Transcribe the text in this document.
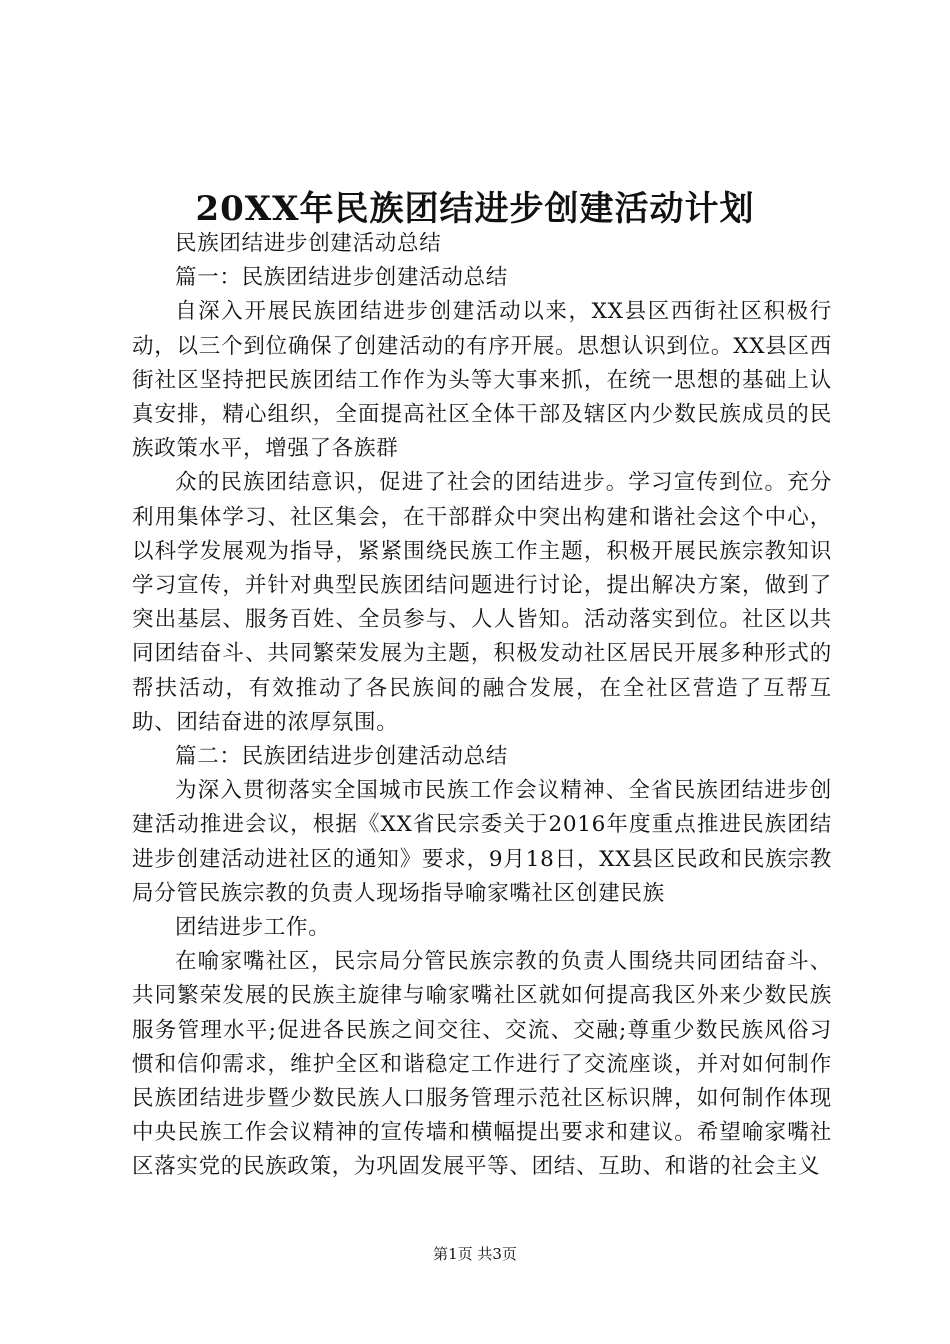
20XX年民族团结进步创建活动计划

民族团结进步创建活动总结

篇一：民族团结进步创建活动总结

自深入开展民族团结进步创建活动以来，XX县区西街社区积极行动，以三个到位确保了创建活动的有序开展。思想认识到位。XX县区西街社区坚持把民族团结工作作为头等大事来抓，在统一思想的基础上认真安排，精心组织，全面提高社区全体干部及辖区内少数民族成员的民族政策水平，增强了各族群

众的民族团结意识，促进了社会的团结进步。学习宣传到位。充分利用集体学习、社区集会，在干部群众中突出构建和谐社会这个中心，以科学发展观为指导，紧紧围绕民族工作主题，积极开展民族宗教知识学习宣传，并针对典型民族团结问题进行讨论，提出解决方案，做到了突出基层、服务百姓、全员参与、人人皆知。活动落实到位。社区以共同团结奋斗、共同繁荣发展为主题，积极发动社区居民开展多种形式的帮扶活动，有效推动了各民族间的融合发展，在全社区营造了互帮互助、团结奋进的浓厚氛围。

篇二：民族团结进步创建活动总结

为深入贯彻落实全国城市民族工作会议精神、全省民族团结进步创建活动推进会议，根据《XX省民宗委关于2016年度重点推进民族团结进步创建活动进社区的通知》要求，9月18日，XX县区民政和民族宗教局分管民族宗教的负责人现场指导喻家嘴社区创建民族

团结进步工作。

在喻家嘴社区，民宗局分管民族宗教的负责人围绕共同团结奋斗、共同繁荣发展的民族主旋律与喻家嘴社区就如何提高我区外来少数民族服务管理水平;促进各民族之间交往、交流、交融;尊重少数民族风俗习惯和信仰需求，维护全区和谐稳定工作进行了交流座谈，并对如何制作民族团结进步暨少数民族人口服务管理示范社区标识牌，如何制作体现中央民族工作会议精神的宣传墙和横幅提出要求和建议。希望喻家嘴社区落实党的民族政策，为巩固发展平等、团结、互助、和谐的社会主义

第1页 共3页
